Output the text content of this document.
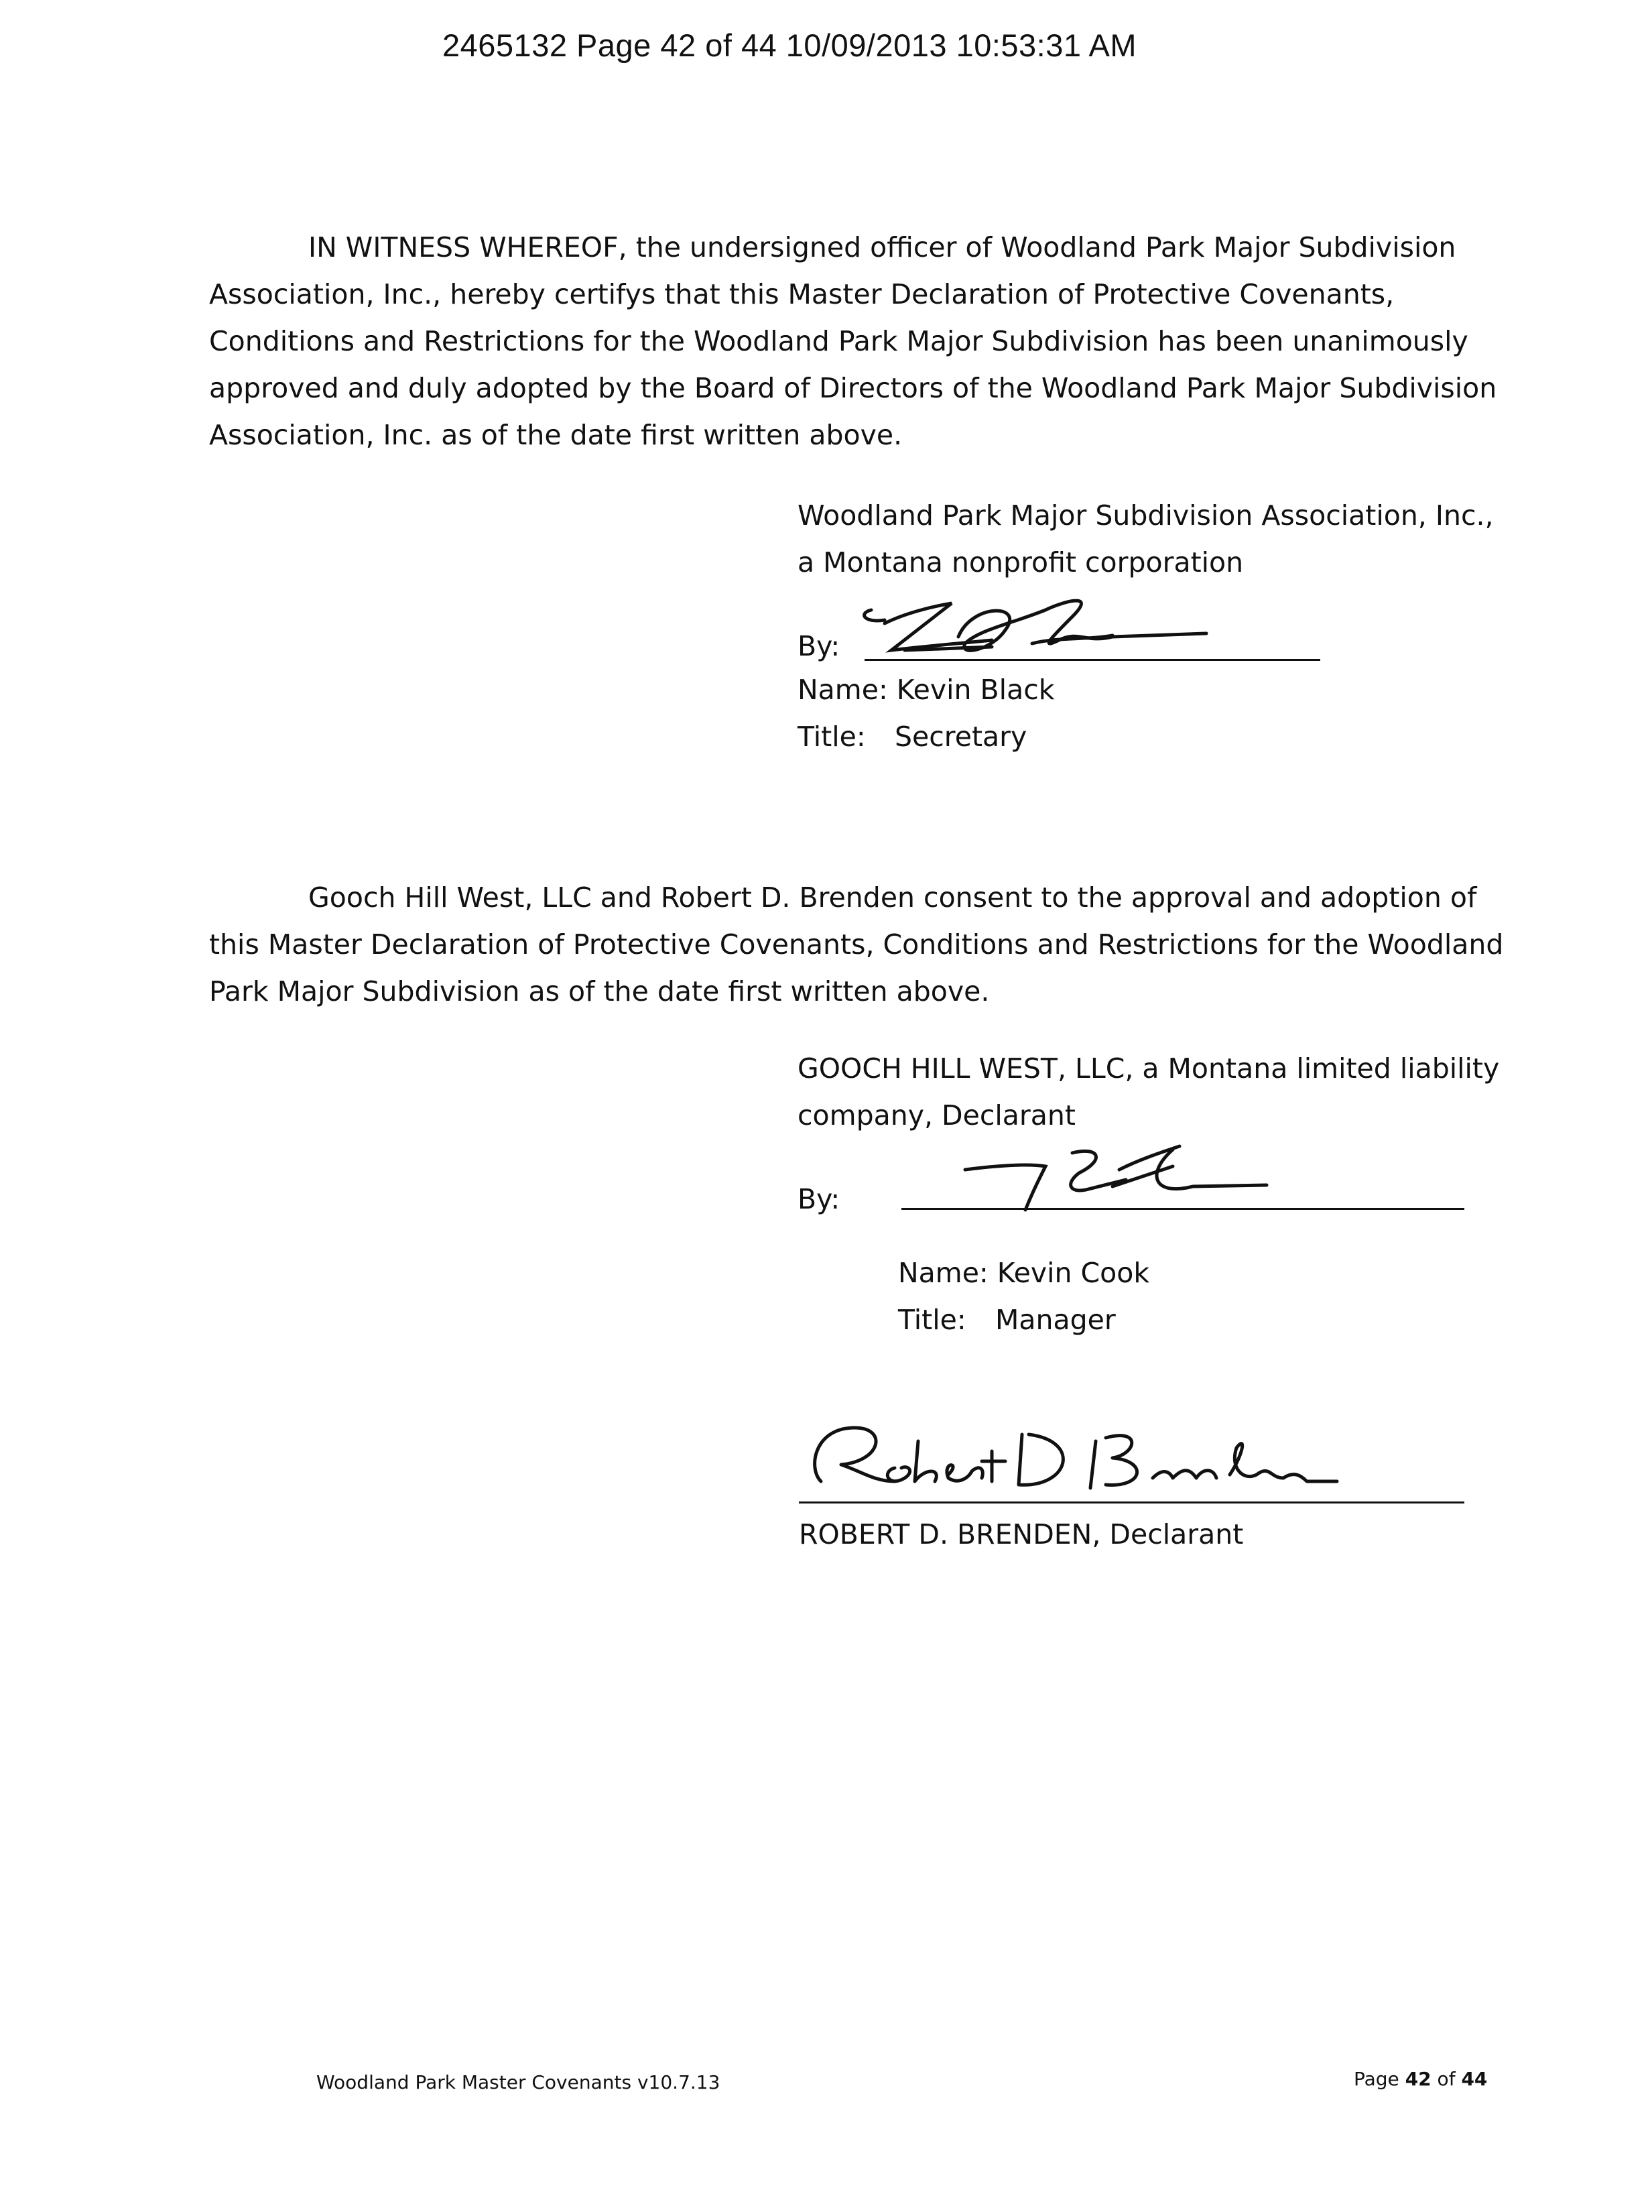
2465132 Page 42 of 44 10/09/2013 10:53:31 AM
IN WITNESS WHEREOF, the undersigned officer of Woodland Park Major Subdivision
Association, Inc., hereby certifys that this Master Declaration of Protective Covenants,
Conditions and Restrictions for the Woodland Park Major Subdivision has been unanimously
approved and duly adopted by the Board of Directors of the Woodland Park Major Subdivision
Association, Inc. as of the date first written above.
Woodland Park Major Subdivision Association, Inc.,
a Montana nonprofit corporation
By:
Name: Kevin Black
Title: Secretary
Gooch Hill West, LLC and Robert D. Brenden consent to the approval and adoption of
this Master Declaration of Protective Covenants, Conditions and Restrictions for the Woodland
Park Major Subdivision as of the date first written above.
GOOCH HILL WEST, LLC, a Montana limited liability
company, Declarant
By:
Name: Kevin Cook
Title: Manager
ROBERT D. BRENDEN, Declarant
Woodland Park Master Covenants v10.7.13	Page 42 of 44
